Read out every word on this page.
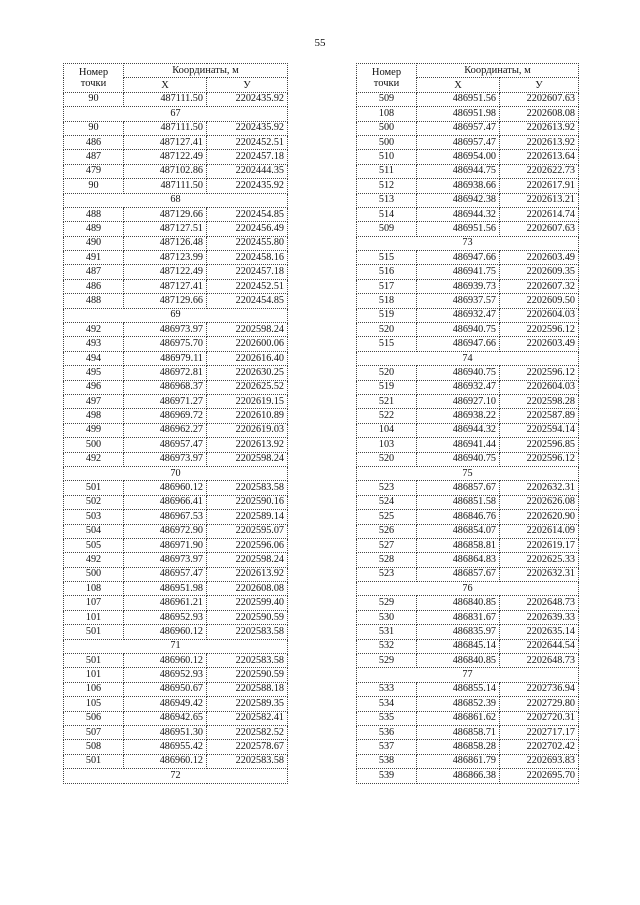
55
Номер
точки	Координаты, м	
	X	У
90	487111.50	2202435.92
67		
90	487111.50	2202435.92
486	487127.41	2202452.51
487	487122.49	2202457.18
479	487102.86	2202444.35
90	487111.50	2202435.92
68		
488	487129.66	2202454.85
489	487127.51	2202456.49
490	487126.48	2202455.80
491	487123.99	2202458.16
487	487122.49	2202457.18
486	487127.41	2202452.51
488	487129.66	2202454.85
69		
492	486973.97	2202598.24
493	486975.70	2202600.06
494	486979.11	2202616.40
495	486972.81	2202630.25
496	486968.37	2202625.52
497	486971.27	2202619.15
498	486969.72	2202610.89
499	486962.27	2202619.03
500	486957.47	2202613.92
492	486973.97	2202598.24
70		
501	486960.12	2202583.58
502	486966.41	2202590.16
503	486967.53	2202589.14
504	486972.90	2202595.07
505	486971.90	2202596.06
492	486973.97	2202598.24
500	486957.47	2202613.92
108	486951.98	2202608.08
107	486961.21	2202599.40
101	486952.93	2202590.59
501	486960.12	2202583.58
71		
501	486960.12	2202583.58
101	486952.93	2202590.59
106	486950.67	2202588.18
105	486949.42	2202589.35
506	486942.65	2202582.41
507	486951.30	2202582.52
508	486955.42	2202578.67
501	486960.12	2202583.58
72		
Номер
точки	Координаты, м	
	X	У
509	486951.56	2202607.63
108	486951.98	2202608.08
500	486957.47	2202613.92
500	486957.47	2202613.92
510	486954.00	2202613.64
511	486944.75	2202622.73
512	486938.66	2202617.91
513	486942.38	2202613.21
514	486944.32	2202614.74
509	486951.56	2202607.63
73		
515	486947.66	2202603.49
516	486941.75	2202609.35
517	486939.73	2202607.32
518	486937.57	2202609.50
519	486932.47	2202604.03
520	486940.75	2202596.12
515	486947.66	2202603.49
74		
520	486940.75	2202596.12
519	486932.47	2202604.03
521	486927.10	2202598.28
522	486938.22	2202587.89
104	486944.32	2202594.14
103	486941.44	2202596.85
520	486940.75	2202596.12
75		
523	486857.67	2202632.31
524	486851.58	2202626.08
525	486846.76	2202620.90
526	486854.07	2202614.09
527	486858.81	2202619.17
528	486864.83	2202625.33
523	486857.67	2202632.31
76		
529	486840.85	2202648.73
530	486831.67	2202639.33
531	486835.97	2202635.14
532	486845.14	2202644.54
529	486840.85	2202648.73
77		
533	486855.14	2202736.94
534	486852.39	2202729.80
535	486861.62	2202720.31
536	486858.71	2202717.17
537	486858.28	2202702.42
538	486861.79	2202693.83
539	486866.38	2202695.70
